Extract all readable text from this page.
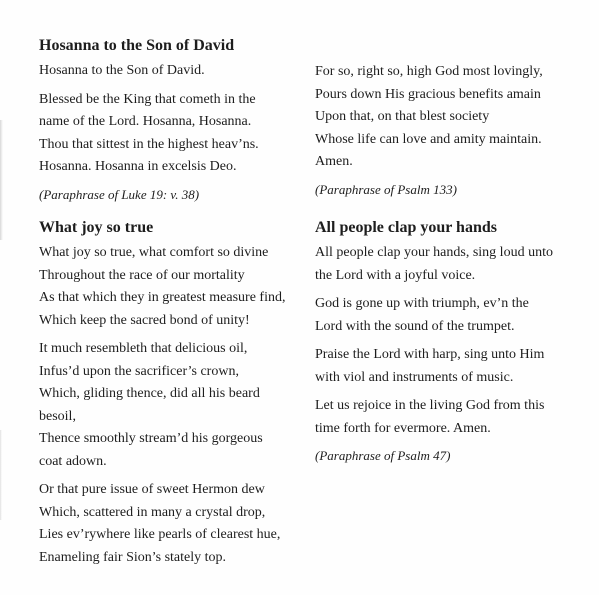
Hosanna to the Son of David
Hosanna to the Son of David.
Blessed be the King that cometh in the
name of the Lord. Hosanna, Hosanna.
Thou that sittest in the highest heav’ns.
Hosanna. Hosanna in excelsis Deo.
(Paraphrase of Luke 19: v. 38)
What joy so true
What joy so true, what comfort so divine
Throughout the race of our mortality
As that which they in greatest measure find,
Which keep the sacred bond of unity!
It much resembleth that delicious oil,
Infus’d upon the sacrificer’s crown,
Which, gliding thence, did all his beard
besoil,
Thence smoothly stream’d his gorgeous
coat adown.
Or that pure issue of sweet Hermon dew
Which, scattered in many a crystal drop,
Lies ev’rywhere like pearls of clearest hue,
Enameling fair Sion’s stately top.
For so, right so, high God most lovingly,
Pours down His gracious benefits amain
Upon that, on that blest society
Whose life can love and amity maintain.
Amen.
(Paraphrase of Psalm 133)
All people clap your hands
All people clap your hands, sing loud unto
the Lord with a joyful voice.
God is gone up with triumph, ev’n the
Lord with the sound of the trumpet.
Praise the Lord with harp, sing unto Him
with viol and instruments of music.
Let us rejoice in the living God from this
time forth for evermore. Amen.
(Paraphrase of Psalm 47)
